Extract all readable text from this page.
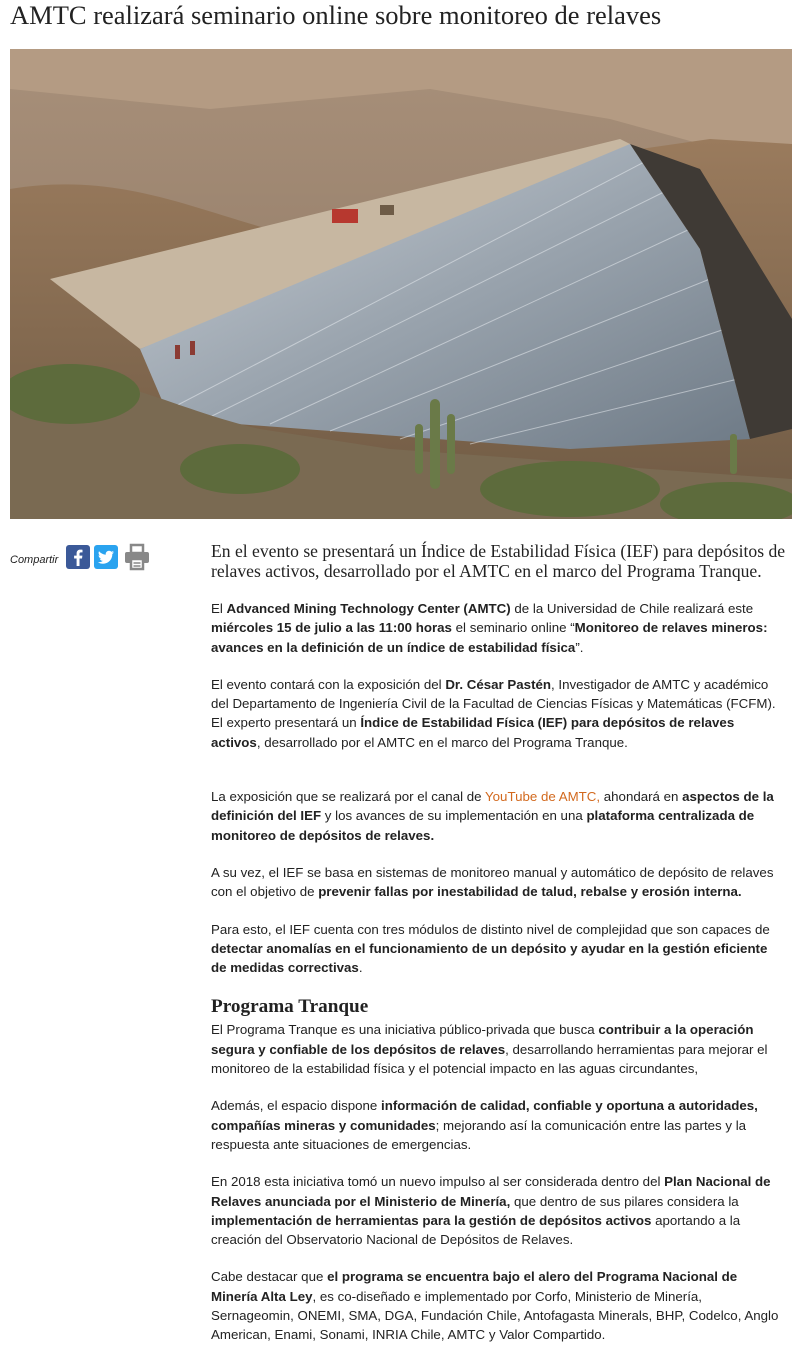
AMTC realizará seminario online sobre monitoreo de relaves
Compartir	En el evento se presentará un Índice de Estabilidad Física (IEF) para depósitos de relaves activos, desarrollado por el AMTC en el marco del Programa Tranque.

El Advanced Mining Technology Center (AMTC) de la Universidad de Chile realizará este miércoles 15 de julio a las 11:00 horas el seminario online “Monitoreo de relaves mineros: avances en la definición de un índice de estabilidad física”.

El evento contará con la exposición del Dr. César Pastén, Investigador de AMTC y académico del Departamento de Ingeniería Civil de la Facultad de Ciencias Físicas y Matemáticas (FCFM). El experto presentará un Índice de Estabilidad Física (IEF) para depósitos de relaves activos, desarrollado por el AMTC en el marco del Programa Tranque.

La exposición que se realizará por el canal de YouTube de AMTC, ahondará en aspectos de la definición del IEF y los avances de su implementación en una plataforma centralizada de monitoreo de depósitos de relaves.

A su vez, el IEF se basa en sistemas de monitoreo manual y automático de depósito de relaves con el objetivo de prevenir fallas por inestabilidad de talud, rebalse y erosión interna.

Para esto, el IEF cuenta con tres módulos de distinto nivel de complejidad que son capaces de detectar anomalías en el funcionamiento de un depósito y ayudar en la gestión eficiente de medidas correctivas.

Programa Tranque

El Programa Tranque es una iniciativa público-privada que busca contribuir a la operación segura y confiable de los depósitos de relaves, desarrollando herramientas para mejorar el monitoreo de la estabilidad física y el potencial impacto en las aguas circundantes,

Además, el espacio dispone información de calidad, confiable y oportuna a autoridades, compañías mineras y comunidades; mejorando así la comunicación entre las partes y la respuesta ante situaciones de emergencias.

En 2018 esta iniciativa tomó un nuevo impulso al ser considerada dentro del Plan Nacional de Relaves anunciada por el Ministerio de Minería, que dentro de sus pilares considera la implementación de herramientas para la gestión de depósitos activos aportando a la creación del Observatorio Nacional de Depósitos de Relaves.

Cabe destacar que el programa se encuentra bajo el alero del Programa Nacional de Minería Alta Ley, es co-diseñado e implementado por Corfo, Ministerio de Minería, Sernageomin, ONEMI, SMA, DGA, Fundación Chile, Antofagasta Minerals, BHP, Codelco, Anglo American, Enami, Sonami, INRIA Chile, AMTC y Valor Compartido.
